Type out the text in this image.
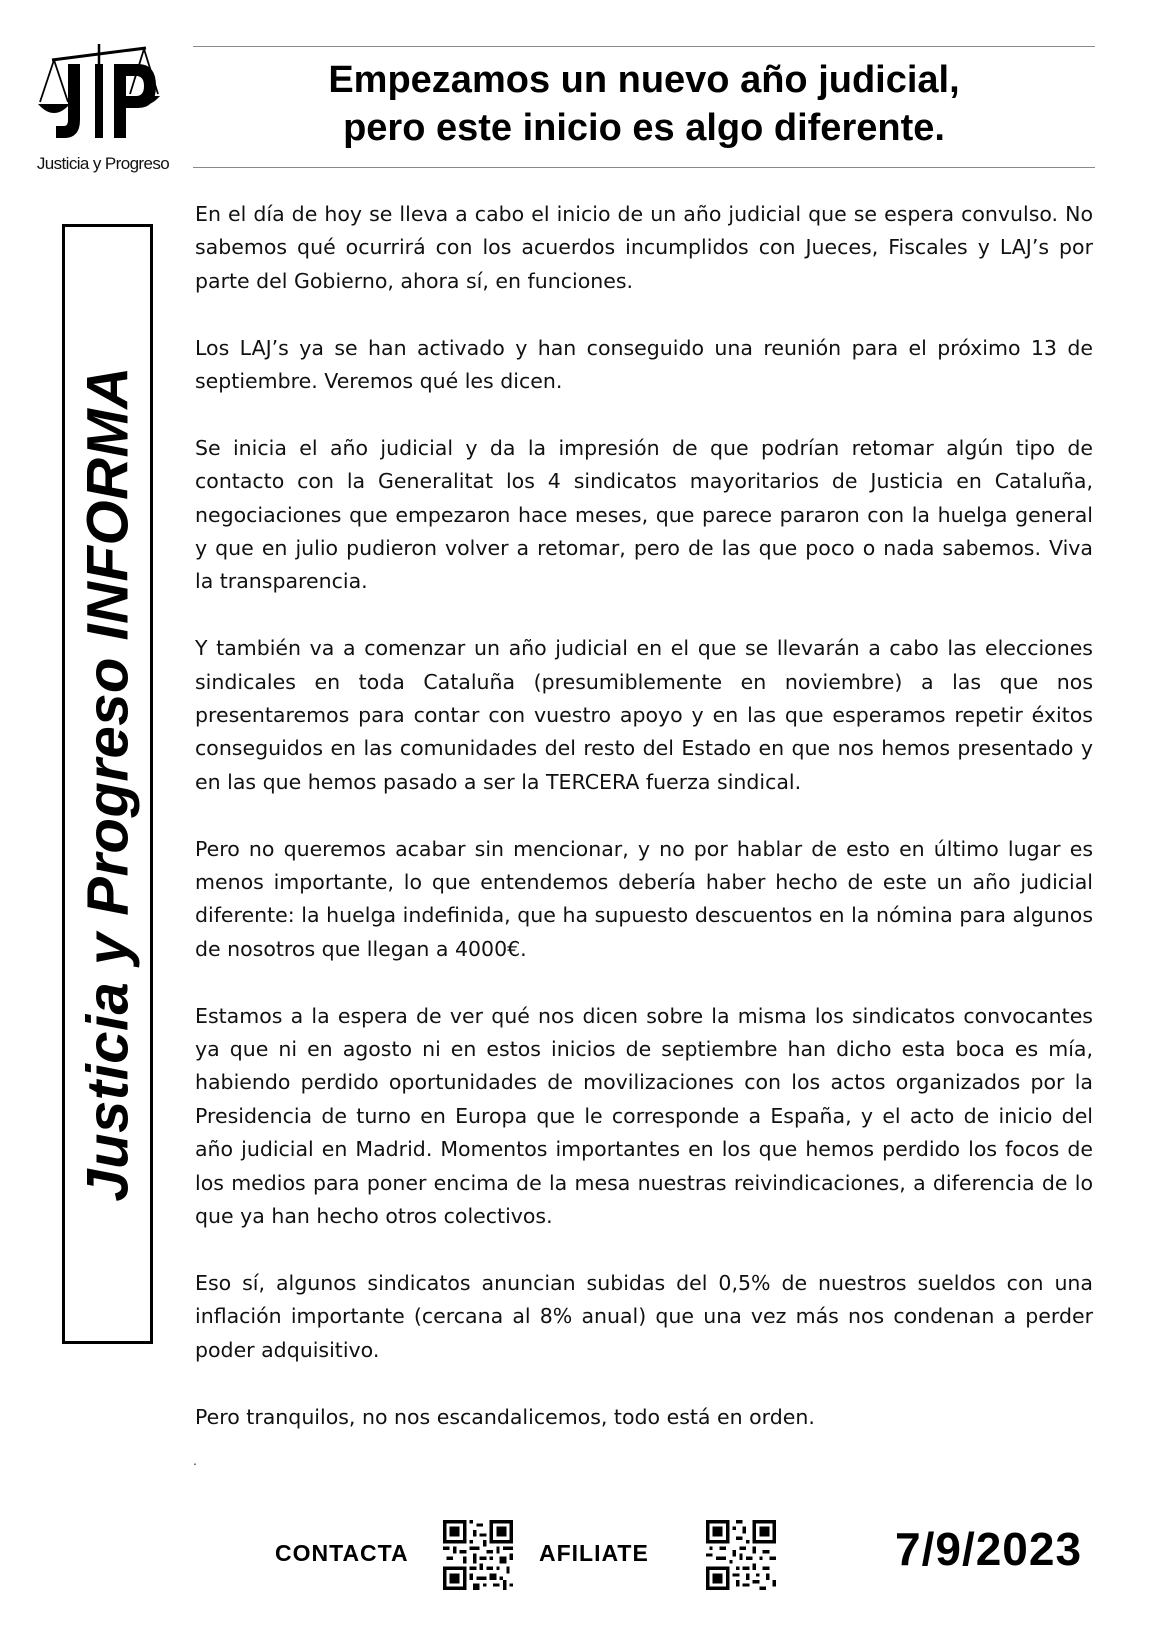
Justicia y Progreso
Justicia y Progreso INFORMA
Empezamos un nuevo año judicial,
pero este inicio es algo diferente.

En el día de hoy se lleva a cabo el inicio de un año judicial que se espera convulso. No sabemos qué ocurrirá con los acuerdos incumplidos con Jueces, Fiscales y LAJ’s por parte del Gobierno, ahora sí, en funciones.

Los LAJ’s ya se han activado y han conseguido una reunión para el próximo 13 de septiembre. Veremos qué les dicen.

Se inicia el año judicial y da la impresión de que podrían retomar algún tipo de contacto con la Generalitat los 4 sindicatos mayoritarios de Justicia en Cataluña, negociaciones que empezaron hace meses, que parece pararon con la huelga general y que en julio pudieron volver a retomar, pero de las que poco o nada sabemos. Viva la transparencia.

Y también va a comenzar un año judicial en el que se llevarán a cabo las elecciones sindicales en toda Cataluña (presumiblemente en noviembre) a las que nos presentaremos para contar con vuestro apoyo y en las que esperamos repetir éxitos conseguidos en las comunidades del resto del Estado en que nos hemos presentado y en las que hemos pasado a ser la TERCERA fuerza sindical.

Pero no queremos acabar sin mencionar, y no por hablar de esto en último lugar es menos importante, lo que entendemos debería haber hecho de este un año judicial diferente: la huelga indefinida, que ha supuesto descuentos en la nómina para algunos de nosotros que llegan a 4000€.

Estamos a la espera de ver qué nos dicen sobre la misma los sindicatos convocantes ya que ni en agosto ni en estos inicios de septiembre han dicho esta boca es mía, habiendo perdido oportunidades de movilizaciones con los actos organizados por la Presidencia de turno en Europa que le corresponde a España, y el acto de inicio del año judicial en Madrid. Momentos importantes en los que hemos perdido los focos de los medios para poner encima de la mesa nuestras reivindicaciones, a diferencia de lo que ya han hecho otros colectivos.

Eso sí, algunos sindicatos anuncian subidas del 0,5% de nuestros sueldos con una inflación importante (cercana al 8% anual) que una vez más nos condenan a perder poder adquisitivo.

Pero tranquilos, no nos escandalicemos, todo está en orden.

.
CONTACTA	AFILIATE	7/9/2023
